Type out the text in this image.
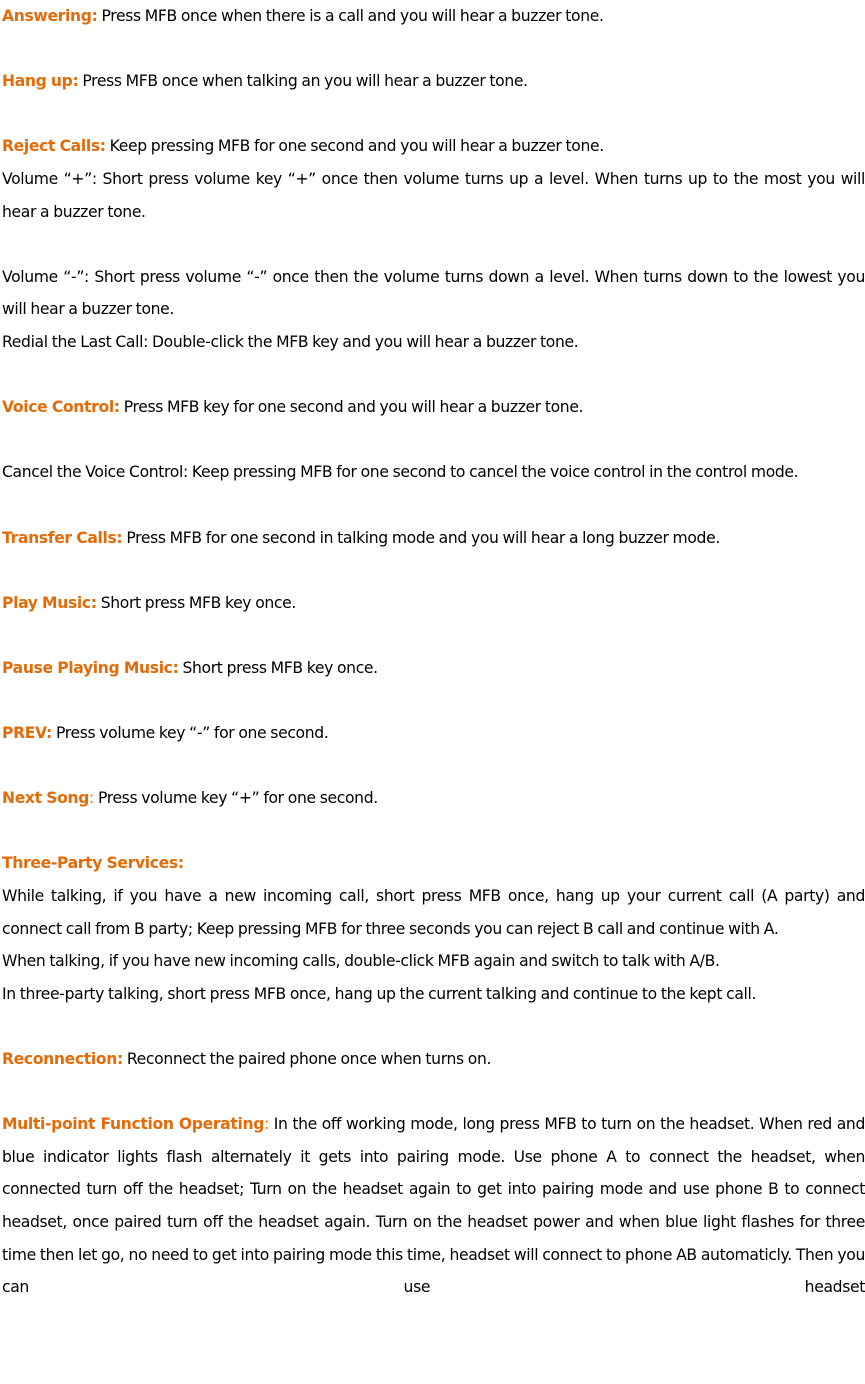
Answering: Press MFB once when there is a call and you will hear a buzzer tone.

Hang up: Press MFB once when talking an you will hear a buzzer tone.

Reject Calls: Keep pressing MFB for one second and you will hear a buzzer tone.

Volume “+”: Short press volume key “+” once then volume turns up a level. When turns up to the most you will hear a buzzer tone.

Volume “-”: Short press volume “-” once then the volume turns down a level. When turns down to the lowest you will hear a buzzer tone.

Redial the Last Call: Double-click the MFB key and you will hear a buzzer tone.

Voice Control: Press MFB key for one second and you will hear a buzzer tone.

Cancel the Voice Control: Keep pressing MFB for one second to cancel the voice control in the control mode.

Transfer Calls: Press MFB for one second in talking mode and you will hear a long buzzer mode.

Play Music: Short press MFB key once.

Pause Playing Music: Short press MFB key once.

PREV: Press volume key “-” for one second.

Next Song: Press volume key “+” for one second.

Three-Party Services:

While talking, if you have a new incoming call, short press MFB once, hang up your current call (A party) and connect call from B party; Keep pressing MFB for three seconds you can reject B call and continue with A.

When talking, if you have new incoming calls, double-click MFB again and switch to talk with A/B.

In three-party talking, short press MFB once, hang up the current talking and continue to the kept call.

Reconnection: Reconnect the paired phone once when turns on.

Multi-point Function Operating: In the off working mode, long press MFB to turn on the headset. When red and blue indicator lights flash alternately it gets into pairing mode. Use phone A to connect the headset, when connected turn off the headset; Turn on the headset again to get into pairing mode and use phone B to connect headset, once paired turn off the headset again. Turn on the headset power and when blue light flashes for three time then let go, no need to get into pairing mode this time, headset will connect to phone AB automaticly. Then you can use headset
